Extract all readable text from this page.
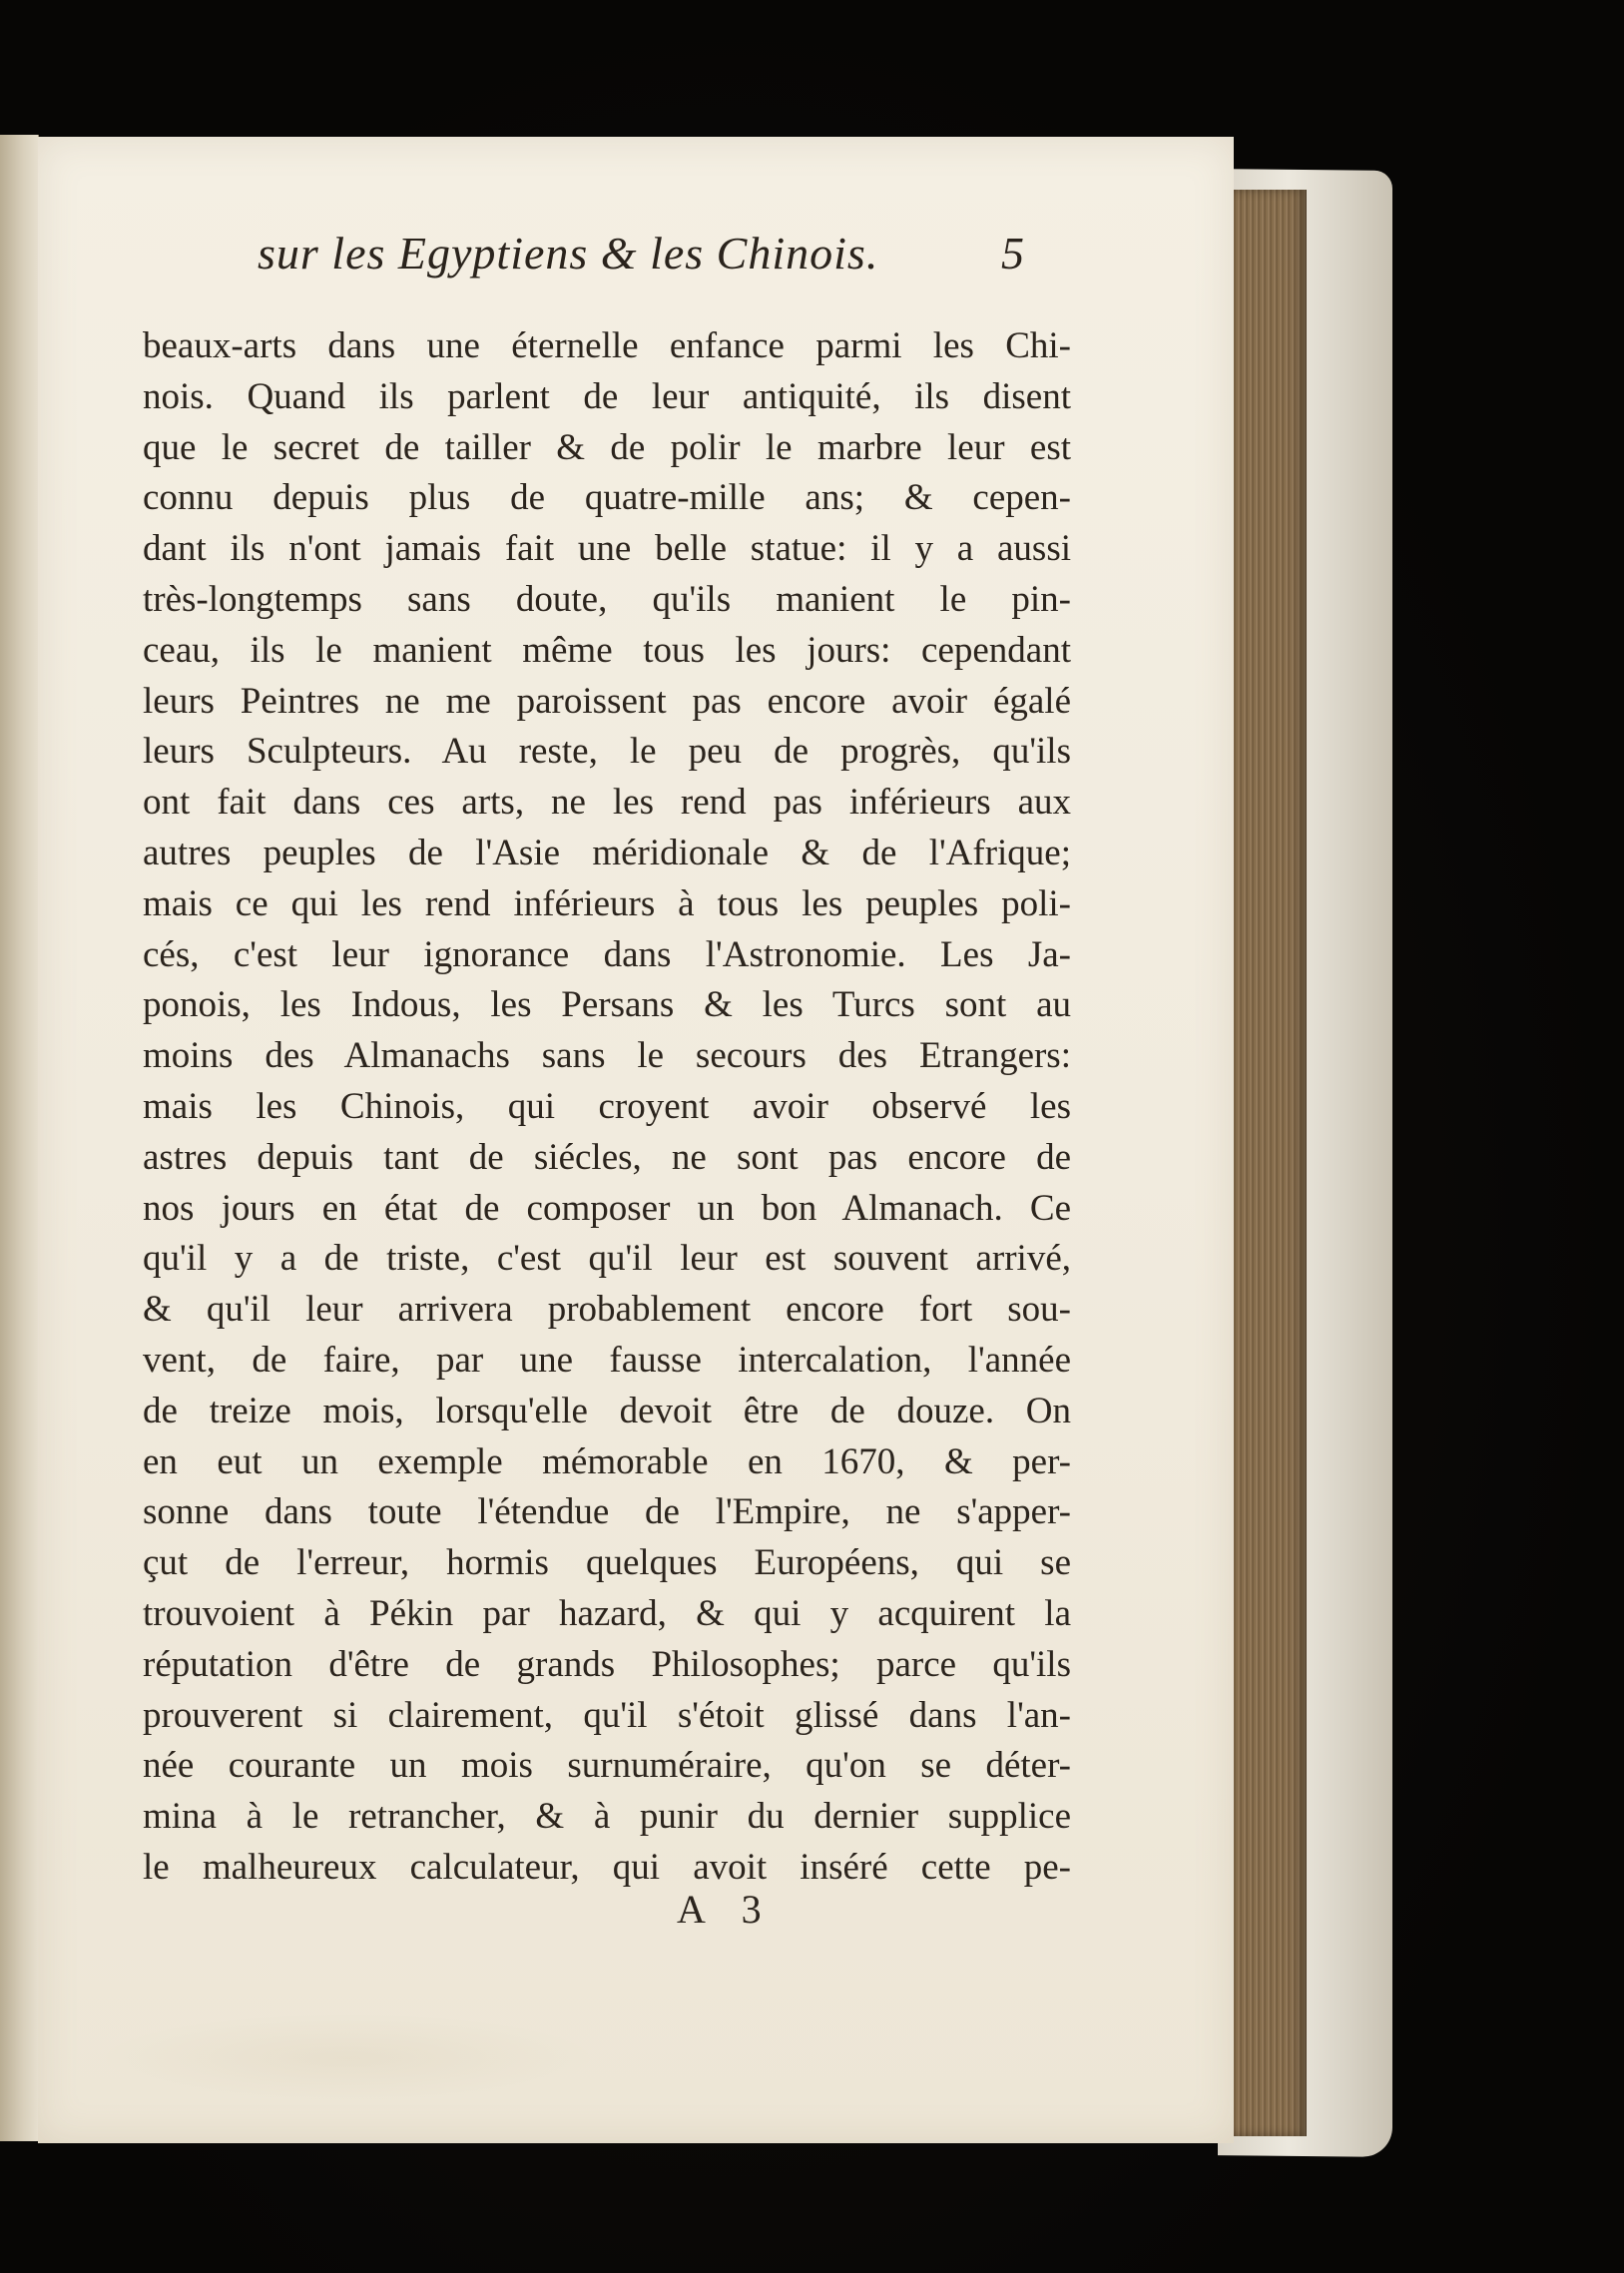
sur les Egyptiens & les Chinois.	5
beaux-arts dans une éternelle enfance parmi les Chi-
nois. Quand ils parlent de leur antiquité, ils disent
que le secret de tailler & de polir le marbre leur est
connu depuis plus de quatre-mille ans; & cepen-
dant ils n'ont jamais fait une belle statue: il y a aussi
très-longtemps sans doute, qu'ils manient le pin-
ceau, ils le manient même tous les jours: cependant
leurs Peintres ne me paroissent pas encore avoir égalé
leurs Sculpteurs. Au reste, le peu de progrès, qu'ils
ont fait dans ces arts, ne les rend pas inférieurs aux
autres peuples de l'Asie méridionale & de l'Afrique;
mais ce qui les rend inférieurs à tous les peuples poli-
cés, c'est leur ignorance dans l'Astronomie. Les Ja-
ponois, les Indous, les Persans & les Turcs sont au
moins des Almanachs sans le secours des Etrangers:
mais les Chinois, qui croyent avoir observé les
astres depuis tant de siécles, ne sont pas encore de
nos jours en état de composer un bon Almanach. Ce
qu'il y a de triste, c'est qu'il leur est souvent arrivé,
& qu'il leur arrivera probablement encore fort sou-
vent, de faire, par une fausse intercalation, l'année
de treize mois, lorsqu'elle devoit être de douze. On
en eut un exemple mémorable en 1670, & per-
sonne dans toute l'étendue de l'Empire, ne s'apper-
çut de l'erreur, hormis quelques Européens, qui se
trouvoient à Pékin par hazard, & qui y acquirent la
réputation d'être de grands Philosophes; parce qu'ils
prouverent si clairement, qu'il s'étoit glissé dans l'an-
née courante un mois surnuméraire, qu'on se déter-
mina à le retrancher, & à punir du dernier supplice
le malheureux calculateur, qui avoit inséré cette pe-
A 3
